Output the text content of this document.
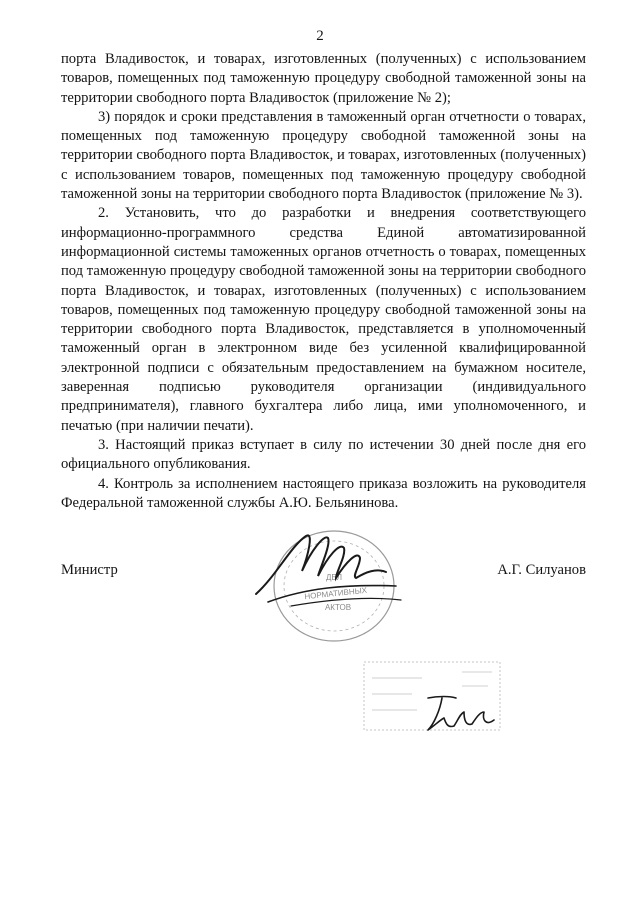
2

порта Владивосток, и товарах, изготовленных (полученных) с использованием товаров, помещенных под таможенную процедуру свободной таможенной зоны на территории свободного порта Владивосток (приложение № 2);

3) порядок и сроки представления в таможенный орган отчетности о товарах, помещенных под таможенную процедуру свободной таможенной зоны на территории свободного порта Владивосток, и товарах, изготовленных (полученных) с использованием товаров, помещенных под таможенную процедуру свободной таможенной зоны на территории свободного порта Владивосток (приложение № 3).

2. Установить, что до разработки и внедрения соответствующего информационно-программного средства Единой автоматизированной информационной системы таможенных органов отчетность о товарах, помещенных под таможенную процедуру свободной таможенной зоны на территории свободного порта Владивосток, и товарах, изготовленных (полученных) с использованием товаров, помещенных под таможенную процедуру свободной таможенной зоны на территории свободного порта Владивосток, представляется в уполномоченный таможенный орган в электронном виде без усиленной квалифицированной электронной подписи с обязательным предоставлением на бумажном носителе, заверенная подписью руководителя организации (индивидуального предпринимателя), главного бухгалтера либо лица, ими уполномоченного, и печатью (при наличии печати).

3. Настоящий приказ вступает в силу по истечении 30 дней после дня его официального опубликования.

4. Контроль за исполнением настоящего приказа возложить на руководителя Федеральной таможенной службы А.Ю. Бельянинова.

ДЕЛ
НОРМАТИВНЫХ
АКТОВ
Министр	А.Г. Силуанов
